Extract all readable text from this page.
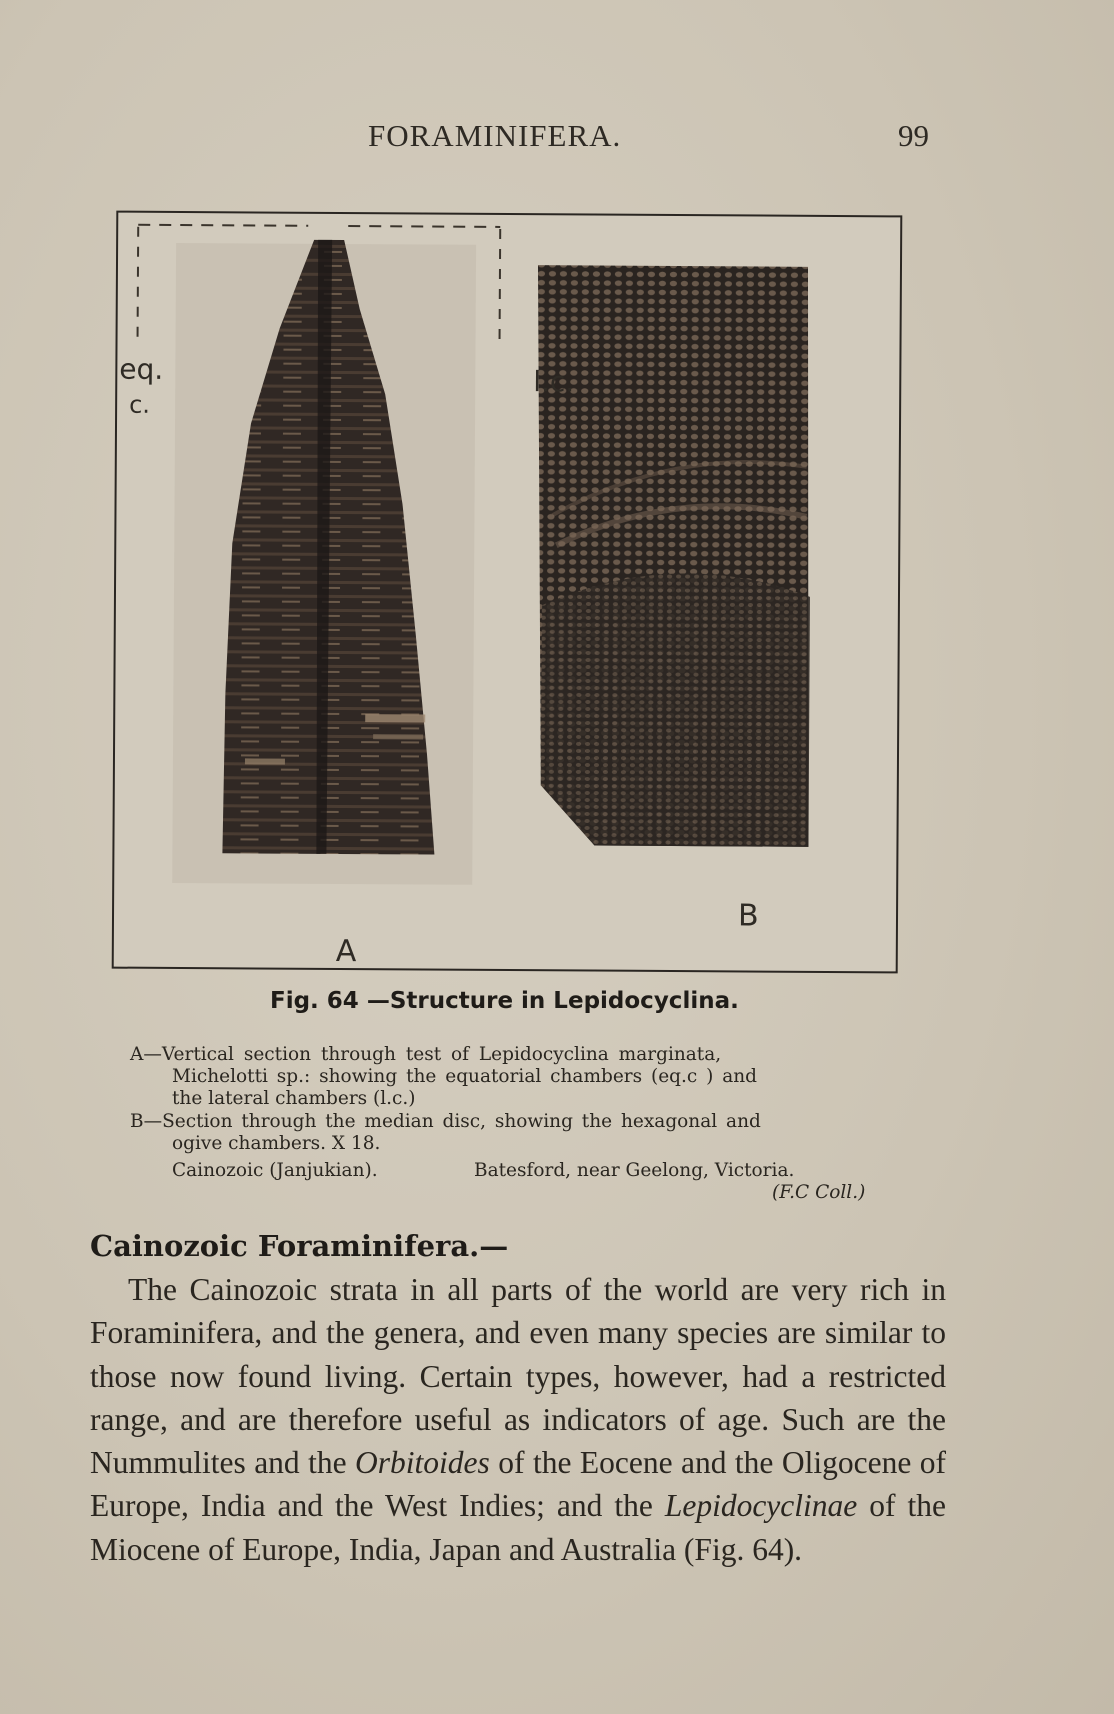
FORAMINIFERA.	99
eq.
c.
l.c.
A
B
Fig. 64 —Structure in Lepidocyclina.
A—Vertical section through test of Lepidocyclina marginata,
Michelotti sp.: showing the equatorial chambers (eq.c ) and
the lateral chambers (l.c.)
B—Section through the median disc, showing the hexagonal and
ogive chambers. X 18.
Cainozoic (Janjukian).	Batesford, near Geelong, Victoria.
(F.C Coll.)
Cainozoic Foraminifera.—

The Cainozoic strata in all parts of the world are very rich in Foraminifera, and the genera, and even many species are similar to those now found living. Certain types, however, had a restricted range, and are therefore useful as indicators of age. Such are the Nummulites and the Orbitoides of the Eocene and the Oligocene of Europe, India and the West Indies; and the Lepidocyclinae of the Miocene of Europe, India, Japan and Australia (Fig. 64).
